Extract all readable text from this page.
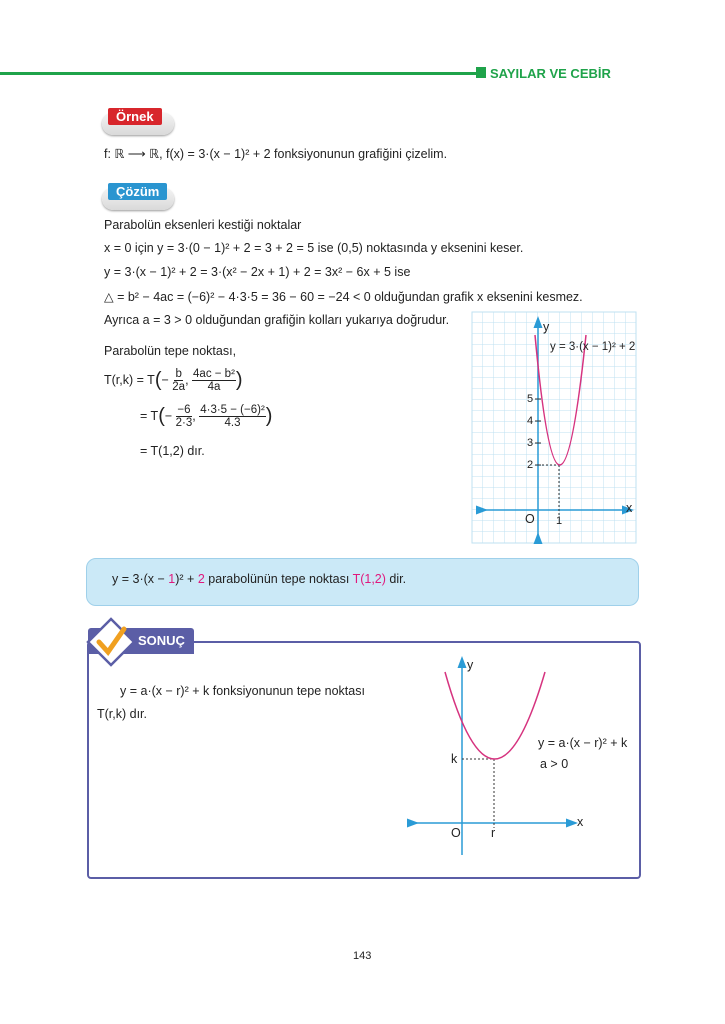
SAYILAR VE CEBİR
Örnek
f: ℝ ⟶ ℝ, f(x) = 3·(x − 1)² + 2 fonksiyonunun grafiğini çizelim.
Çözüm
Parabolün eksenleri kestiği noktalar
x = 0 için y = 3·(0 − 1)² + 2 = 3 + 2 = 5 ise (0,5) noktasında y eksenini keser.
y = 3·(x − 1)² + 2 = 3·(x² − 2x + 1) + 2 = 3x² − 6x + 5 ise
△ = b² − 4ac = (−6)² − 4·3·5 = 36 − 60 = −24 < 0 olduğundan grafik x eksenini kesmez.
Ayrıca a = 3 > 0 olduğundan grafiğin kolları yukarıya doğrudur.
Parabolün tepe noktası,
$T(r,k) = T(- \frac{b}{2a}$ , $\frac{\text{4ac − b²}}{4a}$ )
= $T(- \frac{-6}{2\cdot 3}$ , $\frac{\text{4·3·5 − (−6)²}}{4.3}$ )
= T(1,2) dır.
y = 3·(x − 1)² + 2
y
x
O
5
4
3
2
1
y = 3·(x − 1)² + 2 parabolünün tepe noktası T(1,2) dir.
SONUÇ
y = a·(x − r)² + k fonksiyonunun tepe noktası
T(r,k) dır.
y
x
O
k
r
y = a·(x − r)² + k
a > 0
143
